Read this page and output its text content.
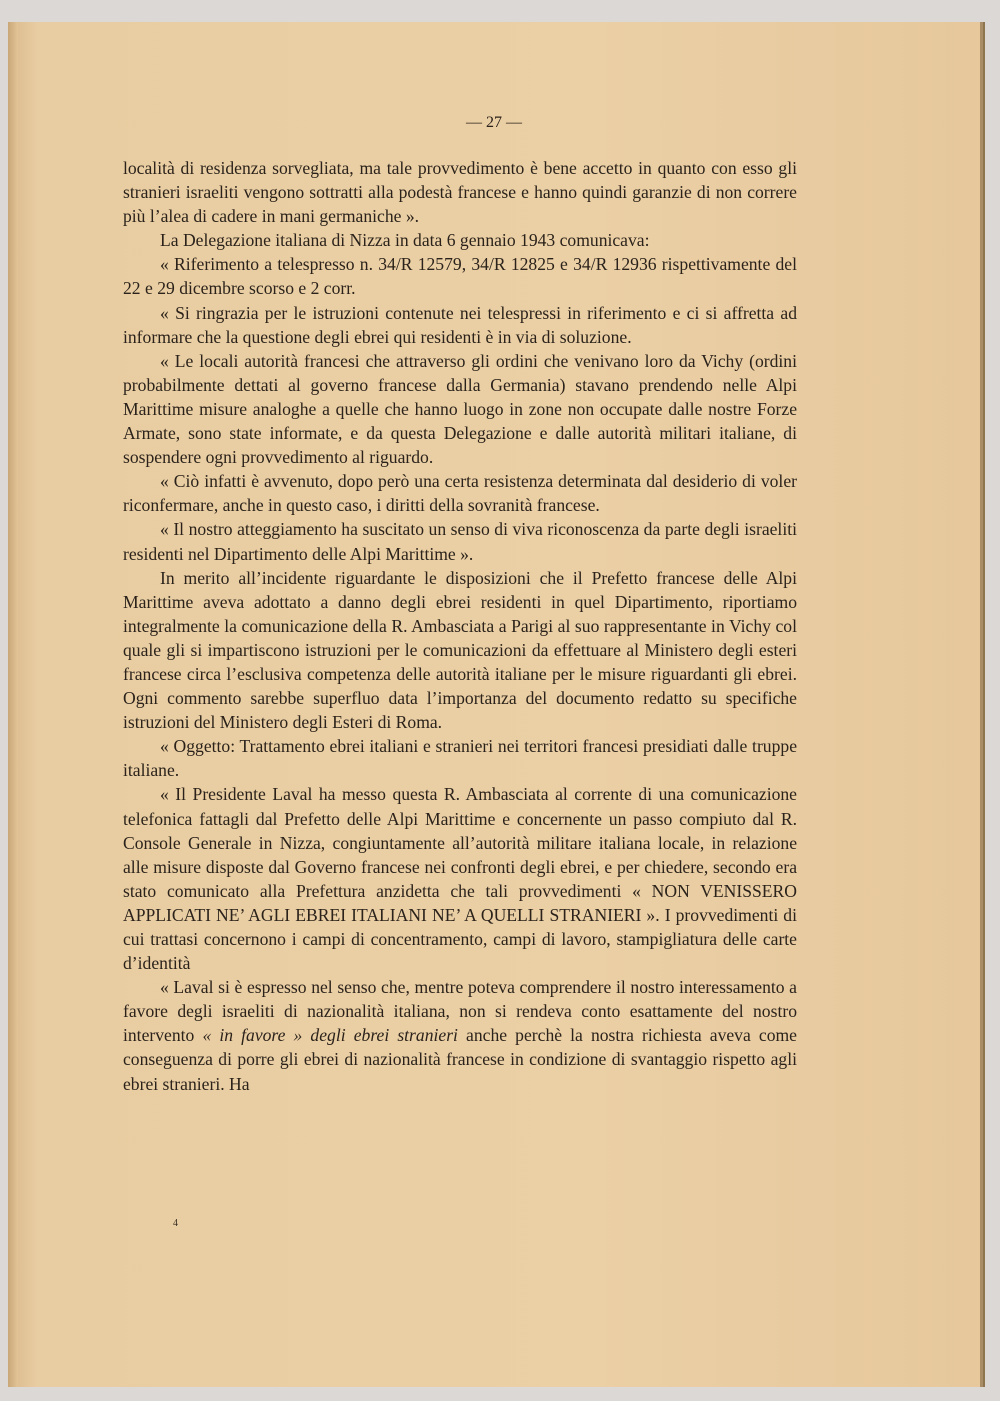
— 27 —

località di residenza sorvegliata, ma tale provvedimento è bene accetto in quanto con esso gli stranieri israeliti vengono sottratti alla podestà francese e hanno quindi garanzie di non correre più l’alea di cadere in mani germaniche ».

La Delegazione italiana di Nizza in data 6 gennaio 1943 comunicava:

« Riferimento a telespresso n. 34/R 12579, 34/R 12825 e 34/R 12936 rispettivamente del 22 e 29 dicembre scorso e 2 corr.

« Si ringrazia per le istruzioni contenute nei telespressi in riferimento e ci si affretta ad informare che la questione degli ebrei qui residenti è in via di soluzione.

« Le locali autorità francesi che attraverso gli ordini che venivano loro da Vichy (ordini probabilmente dettati al governo francese dalla Germania) stavano prendendo nelle Alpi Marittime misure analoghe a quelle che hanno luogo in zone non occupate dalle nostre Forze Armate, sono state informate, e da questa Delegazione e dalle autorità militari italiane, di sospendere ogni provvedimento al riguardo.

« Ciò infatti è avvenuto, dopo però una certa resistenza determinata dal desiderio di voler riconfermare, anche in questo caso, i diritti della sovranità francese.

« Il nostro atteggiamento ha suscitato un senso di viva riconoscenza da parte degli israeliti residenti nel Dipartimento delle Alpi Marittime ».

In merito all’incidente riguardante le disposizioni che il Prefetto francese delle Alpi Marittime aveva adottato a danno degli ebrei residenti in quel Dipartimento, riportiamo integralmente la comunicazione della R. Ambasciata a Parigi al suo rappresentante in Vichy col quale gli si impartiscono istruzioni per le comunicazioni da effettuare al Ministero degli esteri francese circa l’esclusiva competenza delle autorità italiane per le misure riguardanti gli ebrei. Ogni commento sarebbe superfluo data l’importanza del documento redatto su specifiche istruzioni del Ministero degli Esteri di Roma.

« Oggetto: Trattamento ebrei italiani e stranieri nei territori francesi presidiati dalle truppe italiane.

« Il Presidente Laval ha messo questa R. Ambasciata al corrente di una comunicazione telefonica fattagli dal Prefetto delle Alpi Marittime e concernente un passo compiuto dal R. Console Generale in Nizza, congiuntamente all’autorità militare italiana locale, in relazione alle misure disposte dal Governo francese nei confronti degli ebrei, e per chiedere, secondo era stato comunicato alla Prefettura anzidetta che tali provvedimenti « NON VENISSERO APPLICATI NE’ AGLI EBREI ITALIANI NE’ A QUELLI STRANIERI ». I provvedimenti di cui trattasi concernono i campi di concentramento, campi di lavoro, stampigliatura delle carte d’identità

« Laval si è espresso nel senso che, mentre poteva comprendere il nostro interessamento a favore degli israeliti di nazionalità italiana, non si rendeva conto esattamente del nostro intervento « in favore » degli ebrei stranieri anche perchè la nostra richiesta aveva come conseguenza di porre gli ebrei di nazionalità francese in condizione di svantaggio rispetto agli ebrei stranieri. Ha

4
